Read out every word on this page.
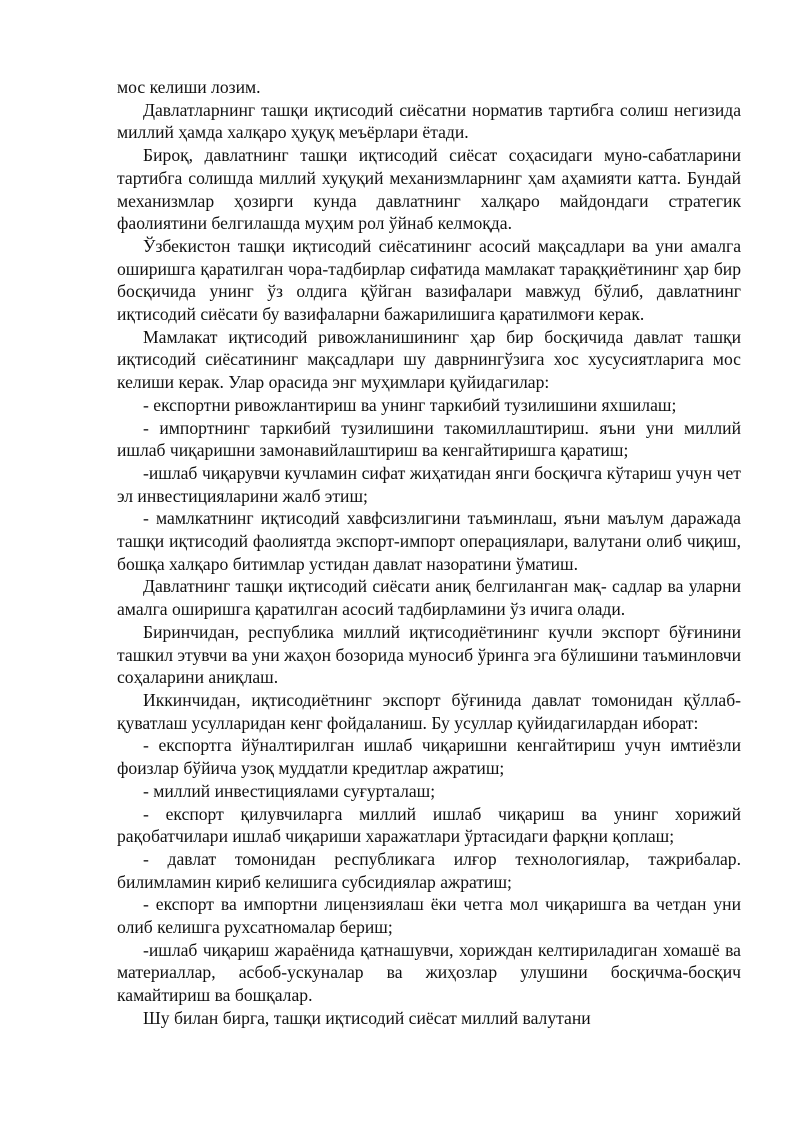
мос келиши лозим.

Давлатларнинг ташқи иқтисодий сиёсатни норматив тартибга солиш негизида миллий ҳамда халқаро ҳуқуқ меъёрлари ётади.

Бироқ, давлатнинг ташқи иқтисодий сиёсат соҳасидаги муно-сабатларини тартибга солишда миллий хуқуқий механизмларнинг ҳам аҳамияти катта. Бундай механизмлар ҳозирги кунда давлатнинг халқаро майдондаги стратегик фаолиятини белгилашда муҳим рол ўйнаб келмоқда.

Ўзбекистон ташқи иқтисодий сиёсатининг асосий мақсадлари ва уни амалга оширишга қаратилган чора-тадбирлар сифатида мамлакат тараққиётининг ҳар бир босқичида унинг ўз олдига қўйган вазифалари мавжуд бўлиб, давлатнинг иқтисодий сиёсати бу вазифаларни бажарилишига қаратилмоғи керак.

Мамлакат иқтисодий ривожланишининг ҳар бир босқичида давлат ташқи иқтисодий сиёсатининг мақсадлари шу даврнингўзига хос хусусиятларига мос келиши керак. Улар орасида энг муҳимлари қуйидагилар:

- експортни ривожлантириш ва унинг таркибий тузилишини яхшилаш;

- импортнинг таркибий тузилишини такомиллаштириш. яъни уни миллий ишлаб чиқаришни замонавийлаштириш ва кенгайтиришга қаратиш;

-ишлаб чиқарувчи кучламин сифат жиҳатидан янги босқичга кўтариш учун чет эл инвестицияларини жалб этиш;

- мамлкатнинг иқтисодий хавфсизлигини таъминлаш, яъни маълум даражада ташқи иқтисодий фаолиятда экспорт-импорт операциялари, валутани олиб чиқиш, бошқа халқаро битимлар устидан давлат назоратини ўматиш.

Давлатнинг ташқи иқтисодий сиёсати аниқ белгиланган мақ- садлар ва уларни амалга оширишга қаратилган асосий тадбирламини ўз ичига олади.

Биринчидан, республика миллий иқтисодиётининг кучли экспорт бўғинини ташкил этувчи ва уни жаҳон бозорида муносиб ўринга эга бўлишини таъминловчи соҳаларини аниқлаш.

Иккинчидан, иқтисодиётнинг экспорт бўғинида давлат томонидан қўллаб-қуватлаш усулларидан кенг фойдаланиш. Бу усуллар қуйидагилардан иборат:

- експортга йўналтирилган ишлаб чиқаришни кенгайтириш учун имтиёзли фоизлар бўйича узоқ муддатли кредитлар ажратиш;

- миллий инвестициялами суғурталаш;

- експорт қилувчиларга миллий ишлаб чиқариш ва унинг хорижий рақобатчилари ишлаб чиқариши харажатлари ўртасидаги фарқни қоплаш;

- давлат томонидан республикага илғор технологиялар, тажрибалар. билимламин кириб келишига субсидиялар ажратиш;

- експорт ва импортни лицензиялаш ёки четга мол чиқаришга ва четдан уни олиб келишга рухсатномалар бериш;

-ишлаб чиқариш жараёнида қатнашувчи, хориждан келтириладиган хомашё ва материаллар, асбоб-ускуналар ва жиҳозлар улушини босқичма-босқич камайтириш ва бошқалар.

Шу билан бирга, ташқи иқтисодий сиёсат миллий валутани
